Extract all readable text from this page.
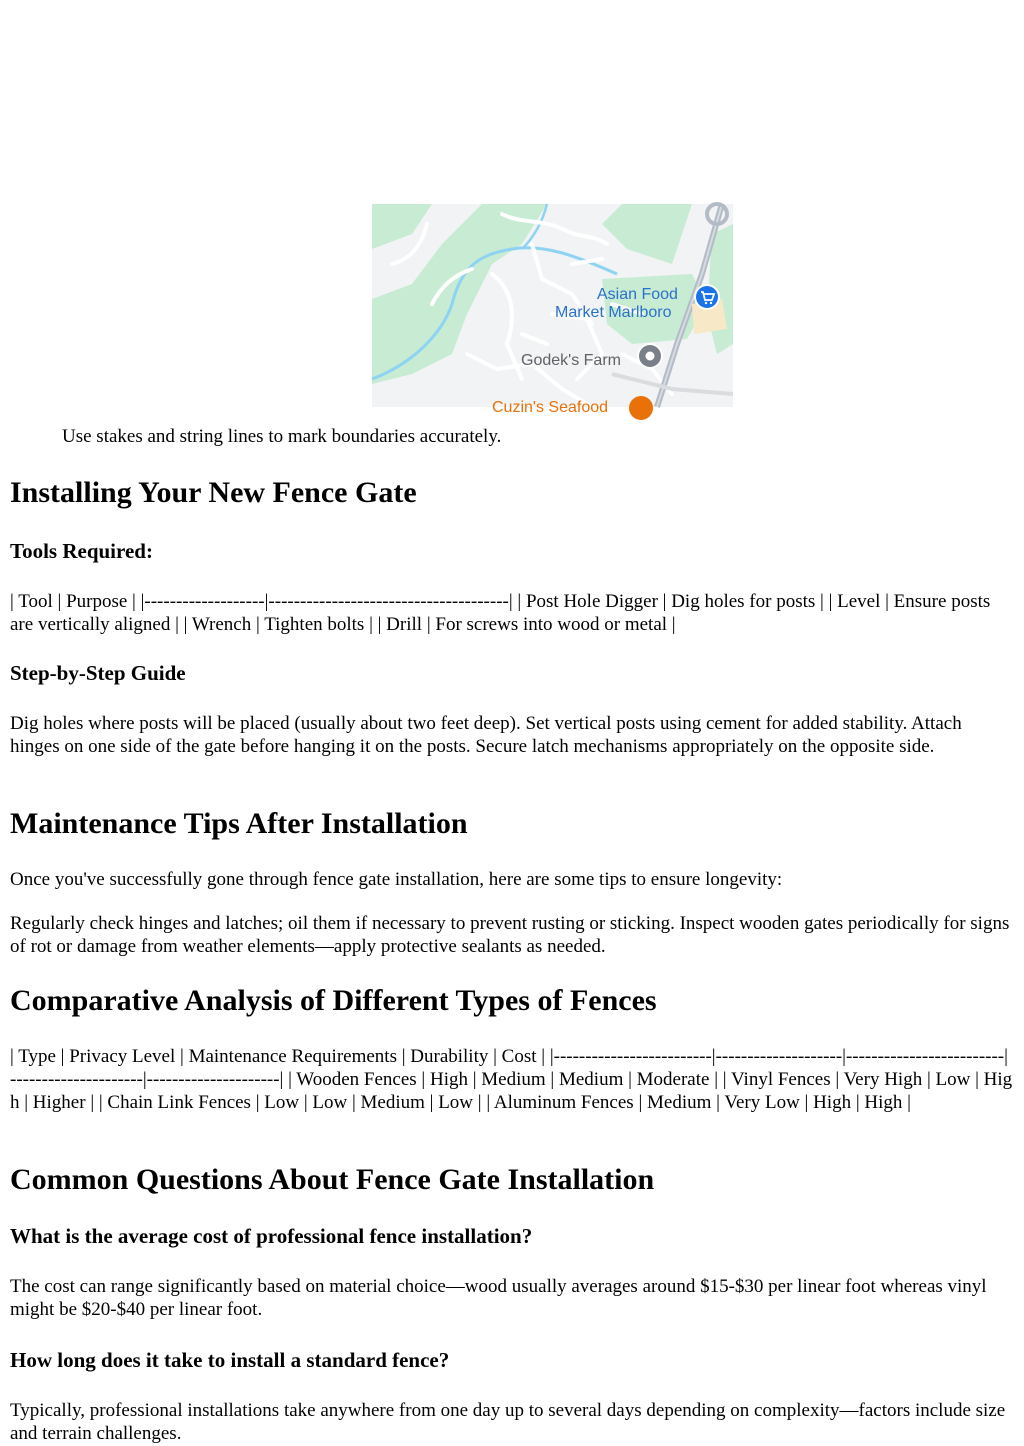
Asian Food
Market Marlboro
Godek's Farm
Cuzin's Seafood
Use stakes and string lines to mark boundaries accurately.
Installing Your New Fence Gate
Tools Required:

| Tool | Purpose | |-------------------|--------------------------------------| | Post Hole Digger | Dig holes for posts | | Level | Ensure posts are vertically aligned | | Wrench | Tighten bolts | | Drill | For screws into wood or metal |

Step-by-Step Guide

Dig holes where posts will be placed (usually about two feet deep). Set vertical posts using cement for added stability. Attach hinges on one side of the gate before hanging it on the posts. Secure latch mechanisms appropriately on the opposite side.

Maintenance Tips After Installation

Once you've successfully gone through fence gate installation, here are some tips to ensure longevity:

Regularly check hinges and latches; oil them if necessary to prevent rusting or sticking. Inspect wooden gates periodically for signs of rot or damage from weather elements—apply protective sealants as needed.

Comparative Analysis of Different Types of Fences

| Type | Privacy Level | Maintenance Requirements | Durability | Cost | |-------------------------|--------------------|-------------------------|---------------------|---------------------| | Wooden Fences | High | Medium | Medium | Moderate | | Vinyl Fences | Very High | Low | High | Higher | | Chain Link Fences | Low | Low | Medium | Low | | Aluminum Fences | Medium | Very Low | High | High |

Common Questions About Fence Gate Installation
What is the average cost of professional fence installation?

The cost can range significantly based on material choice—wood usually averages around $15-$30 per linear foot whereas vinyl might be $20-$40 per linear foot.

How long does it take to install a standard fence?

Typically, professional installations take anywhere from one day up to several days depending on complexity—factors include size and terrain challenges.
